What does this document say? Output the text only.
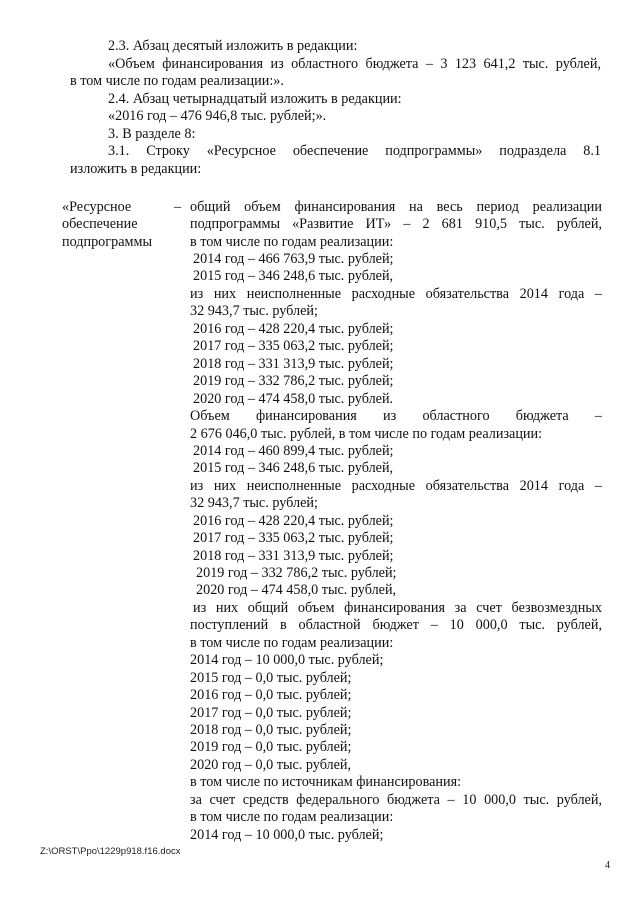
2.3. Абзац десятый изложить в редакции:
«Объем финансирования из областного бюджета – 3 123 641,2 тыс. рублей,
в том числе по годам реализации:».
2.4. Абзац четырнадцатый изложить в редакции:
«2016 год – 476 946,8 тыс. рублей;».
3. В разделе 8:
3.1. Строку «Ресурсное обеспечение подпрограммы» подраздела 8.1
изложить в редакции:
«Ресурсное
обеспечение
подпрограммы
– общий объем финансирования на весь период реализации
подпрограммы «Развитие ИТ» – 2 681 910,5 тыс. рублей,
в том числе по годам реализации:
2014 год – 466 763,9 тыс. рублей;
2015 год – 346 248,6 тыс. рублей,
из них неисполненные расходные обязательства 2014 года –
32 943,7 тыс. рублей;
2016 год – 428 220,4 тыс. рублей;
2017 год – 335 063,2 тыс. рублей;
2018 год – 331 313,9 тыс. рублей;
2019 год – 332 786,2 тыс. рублей;
2020 год – 474 458,0 тыс. рублей.
Объем финансирования из областного бюджета –
2 676 046,0 тыс. рублей, в том числе по годам реализации:
2014 год – 460 899,4 тыс. рублей;
2015 год – 346 248,6 тыс. рублей,
из них неисполненные расходные обязательства 2014 года –
32 943,7 тыс. рублей;
2016 год – 428 220,4 тыс. рублей;
2017 год – 335 063,2 тыс. рублей;
2018 год – 331 313,9 тыс. рублей;
2019 год – 332 786,2 тыс. рублей;
2020 год – 474 458,0 тыс. рублей,
из них общий объем финансирования за счет безвозмездных
поступлений в областной бюджет – 10 000,0 тыс. рублей,
в том числе по годам реализации:
2014 год – 10 000,0 тыс. рублей;
2015 год – 0,0 тыс. рублей;
2016 год – 0,0 тыс. рублей;
2017 год – 0,0 тыс. рублей;
2018 год – 0,0 тыс. рублей;
2019 год – 0,0 тыс. рублей;
2020 год – 0,0 тыс. рублей,
в том числе по источникам финансирования:
за счет средств федерального бюджета – 10 000,0 тыс. рублей,
в том числе по годам реализации:
2014 год – 10 000,0 тыс. рублей;
Z:\ORST\Ppo\1229p918.f16.docx
4
